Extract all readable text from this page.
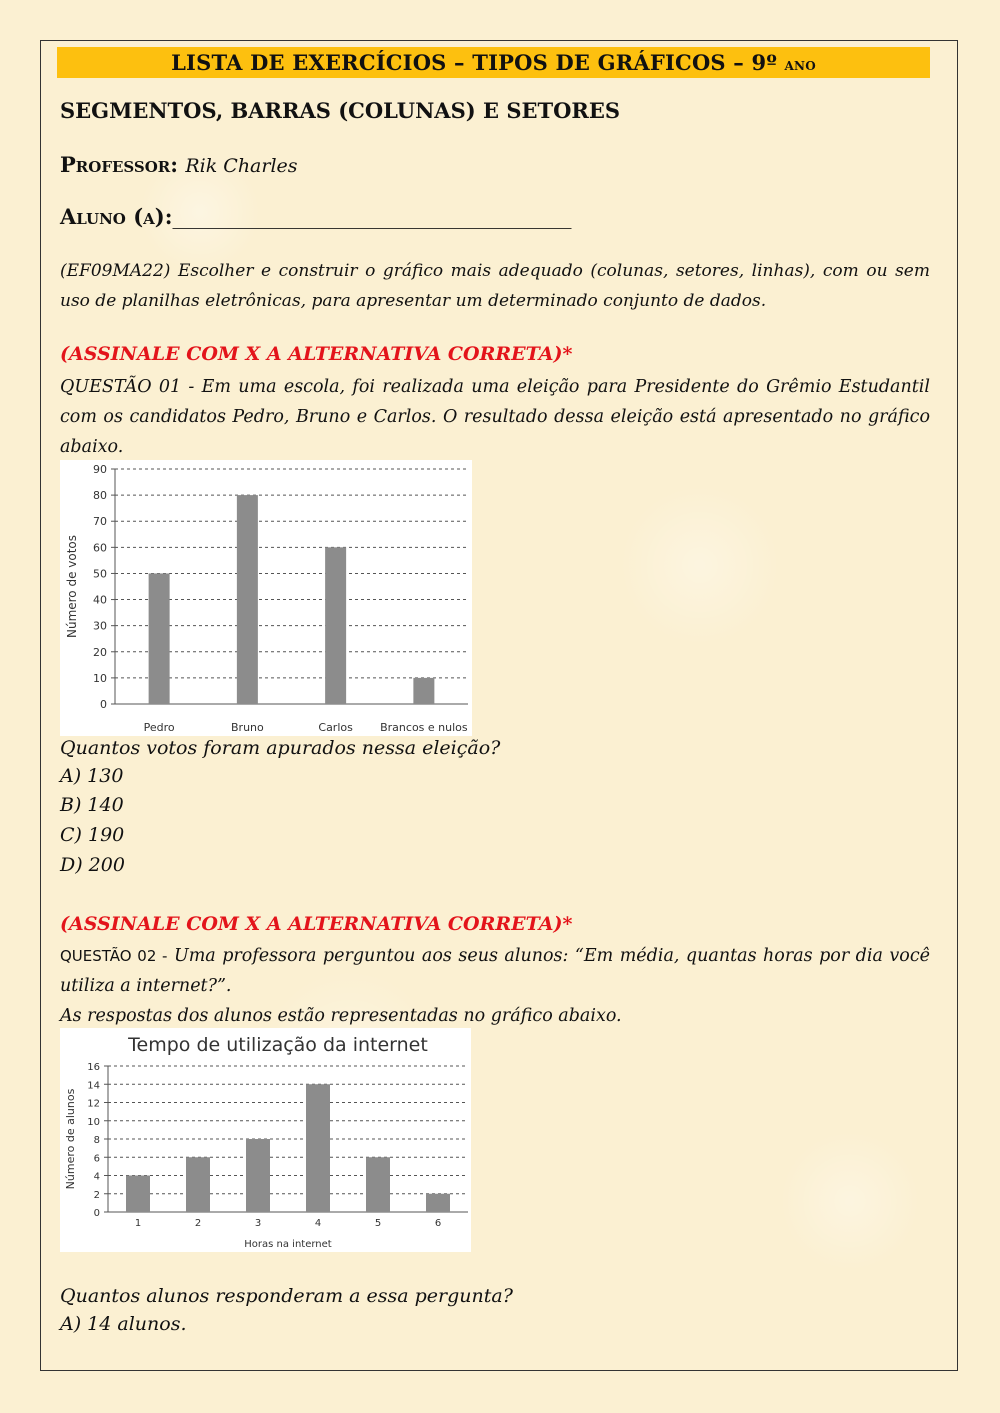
LISTA DE EXERCÍCIOS – TIPOS DE GRÁFICOS – 9º ano
SEGMENTOS, BARRAS (COLUNAS) E SETORES
Professor: Rik Charles
Aluno (a):______________________________________
(EF09MA22) Escolher e construir o gráfico mais adequado (colunas, setores, linhas), com ou sem uso de planilhas eletrônicas, para apresentar um determinado conjunto de dados.
(ASSINALE COM X A ALTERNATIVA CORRETA)*
QUESTÃO 01 - Em uma escola, foi realizada uma eleição para Presidente do Grêmio Estudantil com os candidatos Pedro, Bruno e Carlos. O resultado dessa eleição está apresentado no gráfico abaixo.
0
10
20
30
40
50
60
70
80
90
Pedro	Bruno	Carlos Brancos e nulos
Número de votos
Quantos votos foram apurados nessa eleição?
A) 130
B) 140
C) 190
D) 200
(ASSINALE COM X A ALTERNATIVA CORRETA)*
QUESTÃO 02 - Uma professora perguntou aos seus alunos: “Em média, quantas horas por dia você utiliza a internet?”.
As respostas dos alunos estão representadas no gráfico abaixo.
0
2
4
6
8
10
12
14
16
1	2	3	4	5	6
Número de alunos
Horas na internet
Tempo de utilização da internet
Quantos alunos responderam a essa pergunta?
A) 14 alunos.
